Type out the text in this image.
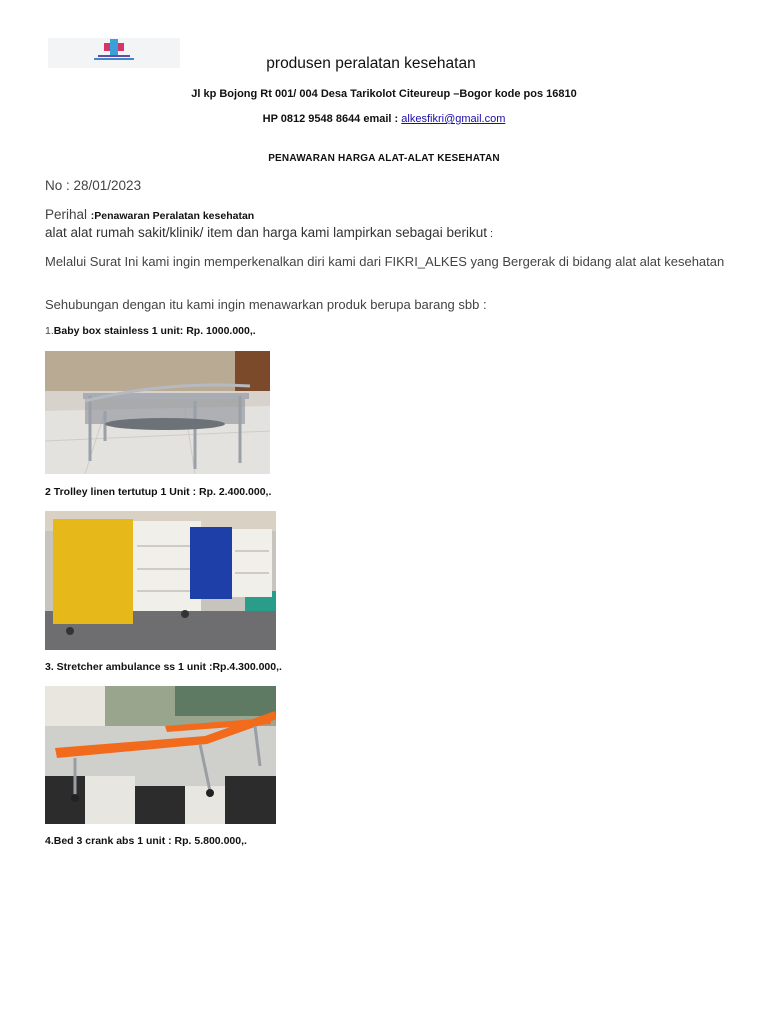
produsen peralatan kesehatan
Jl kp Bojong Rt 001/ 004 Desa Tarikolot Citeureup –Bogor kode pos 16810
HP 0812 9548 8644 email : alkesfikri@gmail.com
PENAWARAN HARGA ALAT-ALAT KESEHATAN
No : 28/01/2023
Perihal :Penawaran Peralatan kesehatan
alat alat rumah sakit/klinik/ item dan harga kami lampirkan sebagai berikut :
Melalui Surat Ini kami ingin memperkenalkan diri kami dari FIKRI_ALKES yang Bergerak di bidang alat alat kesehatan
Sehubungan dengan itu kami ingin menawarkan produk berupa barang sbb :
1.Baby box stainless 1 unit: Rp. 1000.000,.
2 Trolley linen tertutup 1 Unit : Rp. 2.400.000,.
3. Stretcher ambulance ss 1 unit :Rp.4.300.000,.
4.Bed 3 crank abs 1 unit : Rp. 5.800.000,.
